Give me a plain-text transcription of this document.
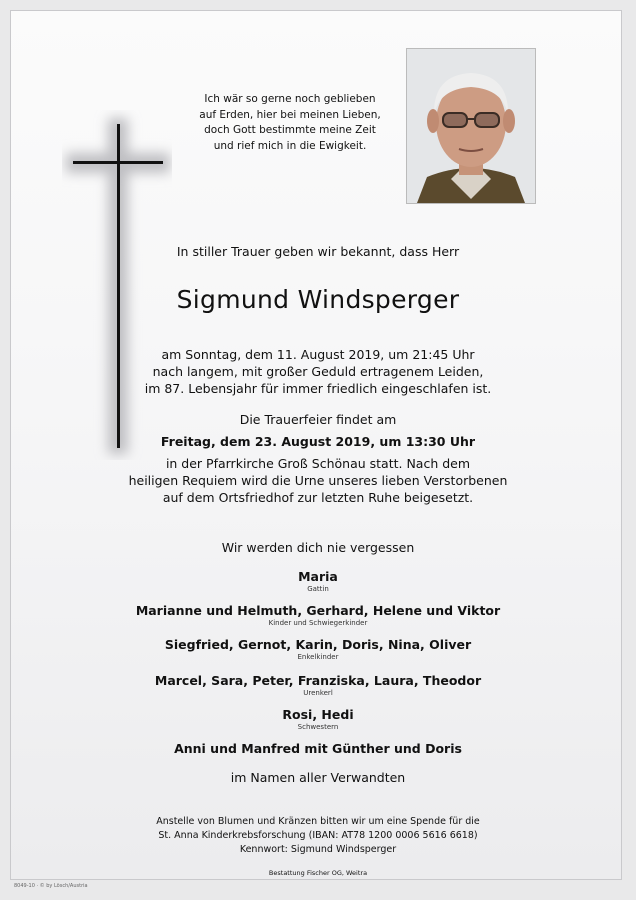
Ich wär so gerne noch geblieben
auf Erden, hier bei meinen Lieben,
doch Gott bestimmte meine Zeit
und rief mich in die Ewigkeit.
In stiller Trauer geben wir bekannt, dass Herr
Sigmund Windsperger
am Sonntag, dem 11. August 2019, um 21:45 Uhr
nach langem, mit großer Geduld ertragenem Leiden,
im 87. Lebensjahr für immer friedlich eingeschlafen ist.
Die Trauerfeier findet am
Freitag, dem 23. August 2019, um 13:30 Uhr
in der Pfarrkirche Groß Schönau statt. Nach dem
heiligen Requiem wird die Urne unseres lieben Verstorbenen
auf dem Ortsfriedhof zur letzten Ruhe beigesetzt.
Wir werden dich nie vergessen
Maria
Gattin
Marianne und Helmuth, Gerhard, Helene und Viktor
Kinder und Schwiegerkinder
Siegfried, Gernot, Karin, Doris, Nina, Oliver
Enkelkinder
Marcel, Sara, Peter, Franziska, Laura, Theodor
Urenkerl
Rosi, Hedi
Schwestern
Anni und Manfred mit Günther und Doris
im Namen aller Verwandten
Anstelle von Blumen und Kränzen bitten wir um eine Spende für die
St. Anna Kinderkrebsforschung (IBAN: AT78 1200 0006 5616 6618)
Kennwort: Sigmund Windsperger
Bestattung Fischer OG, Weitra
8049-10 · © by Lösch/Austria
